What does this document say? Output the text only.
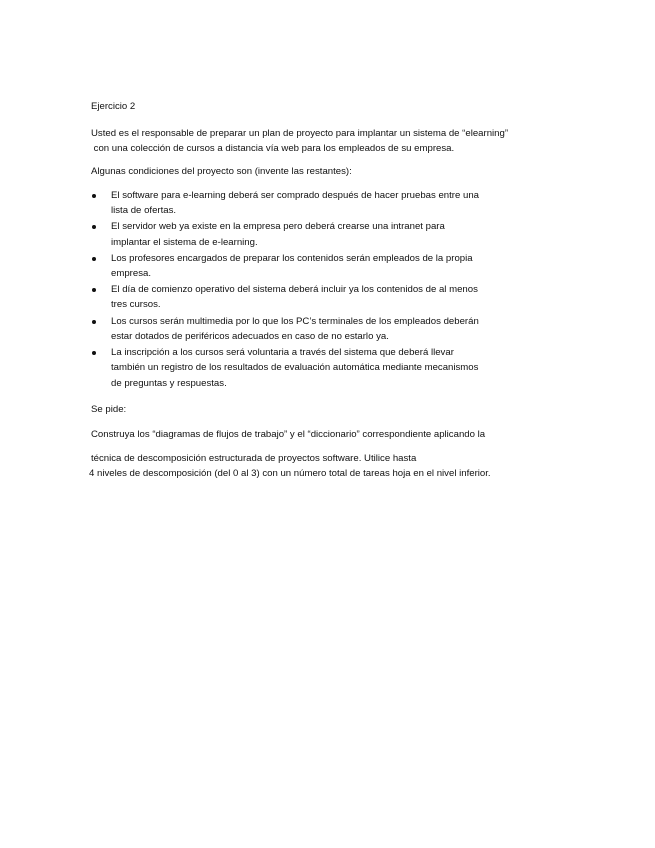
Ejercicio 2
Usted es el responsable de preparar un plan de proyecto para implantar un sistema de “elearning”
con una colección de cursos a distancia vía web para los empleados de su empresa.
Algunas condiciones del proyecto son (invente las restantes):
El software para e-learning deberá ser comprado después de hacer pruebas entre una
lista de ofertas.
El servidor web ya existe en la empresa pero deberá crearse una intranet para
implantar el sistema de e-learning.
Los profesores encargados de preparar los contenidos serán empleados de la propia
empresa.
El día de comienzo operativo del sistema deberá incluir ya los contenidos de al menos
tres cursos.
Los cursos serán multimedia por lo que los PC’s terminales de los empleados deberán
estar dotados de periféricos adecuados en caso de no estarlo ya.
La inscripción a los cursos será voluntaria a través del sistema que deberá llevar
también un registro de los resultados de evaluación automática mediante mecanismos
de preguntas y respuestas.
Se pide:
Construya los “diagramas de flujos de trabajo” y el “diccionario” correspondiente aplicando la
técnica de descomposición estructurada de proyectos software. Utilice hasta
4 niveles de descomposición (del 0 al 3) con un número total de tareas hoja en el nivel inferior.
